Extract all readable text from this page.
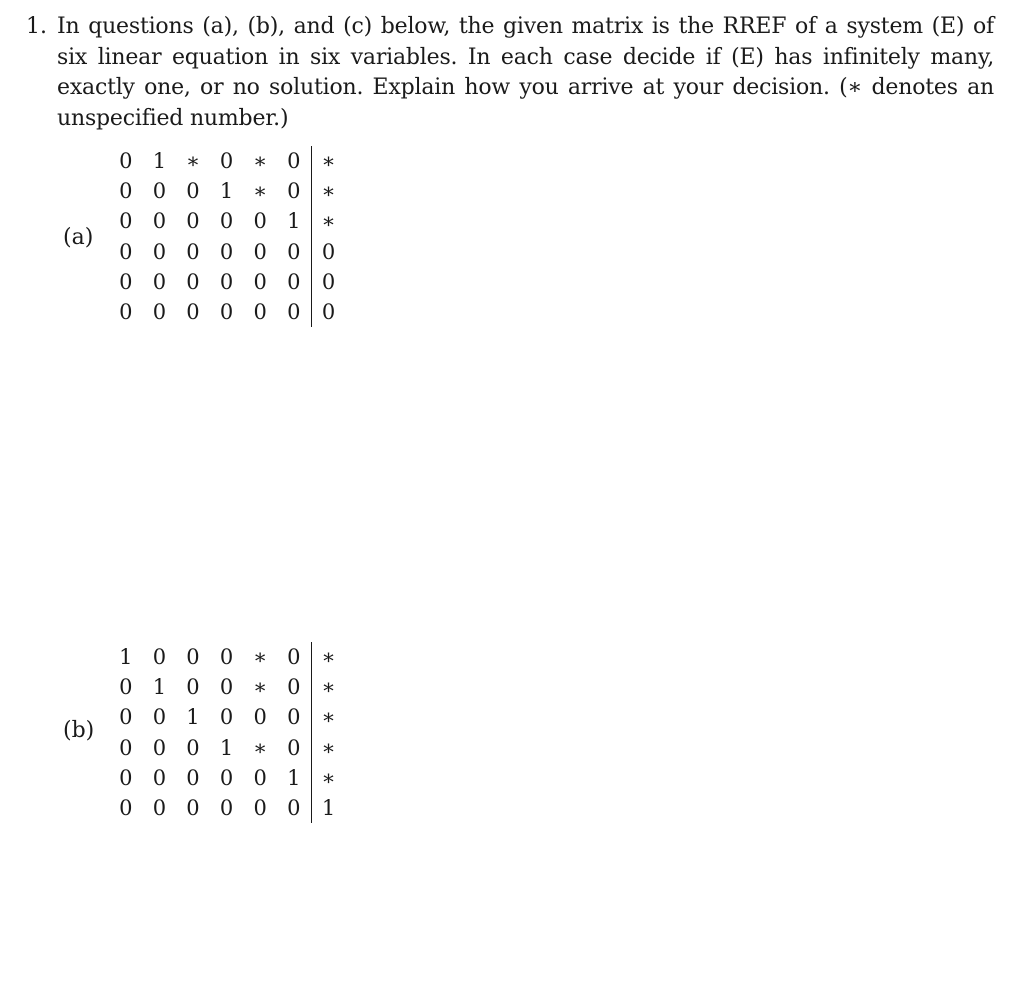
1. In questions (a), (b), and (c) below, the given matrix is the RREF of a system (E) of six linear equation in six variables. In each case decide if (E) has infinitely many, exactly one, or no solution. Explain how you arrive at your decision. (∗ denotes an unspecified number.)
(a)
0	1	∗	0	∗	0		∗
0	0	0	1	∗	0		∗
0	0	0	0	0	1		∗
0	0	0	0	0	0		0
0	0	0	0	0	0		0
0	0	0	0	0	0		0
(b)
1	0	0	0	∗	0		∗
0	1	0	0	∗	0		∗
0	0	1	0	0	0		∗
0	0	0	1	∗	0		∗
0	0	0	0	0	1		∗
0	0	0	0	0	0		1
